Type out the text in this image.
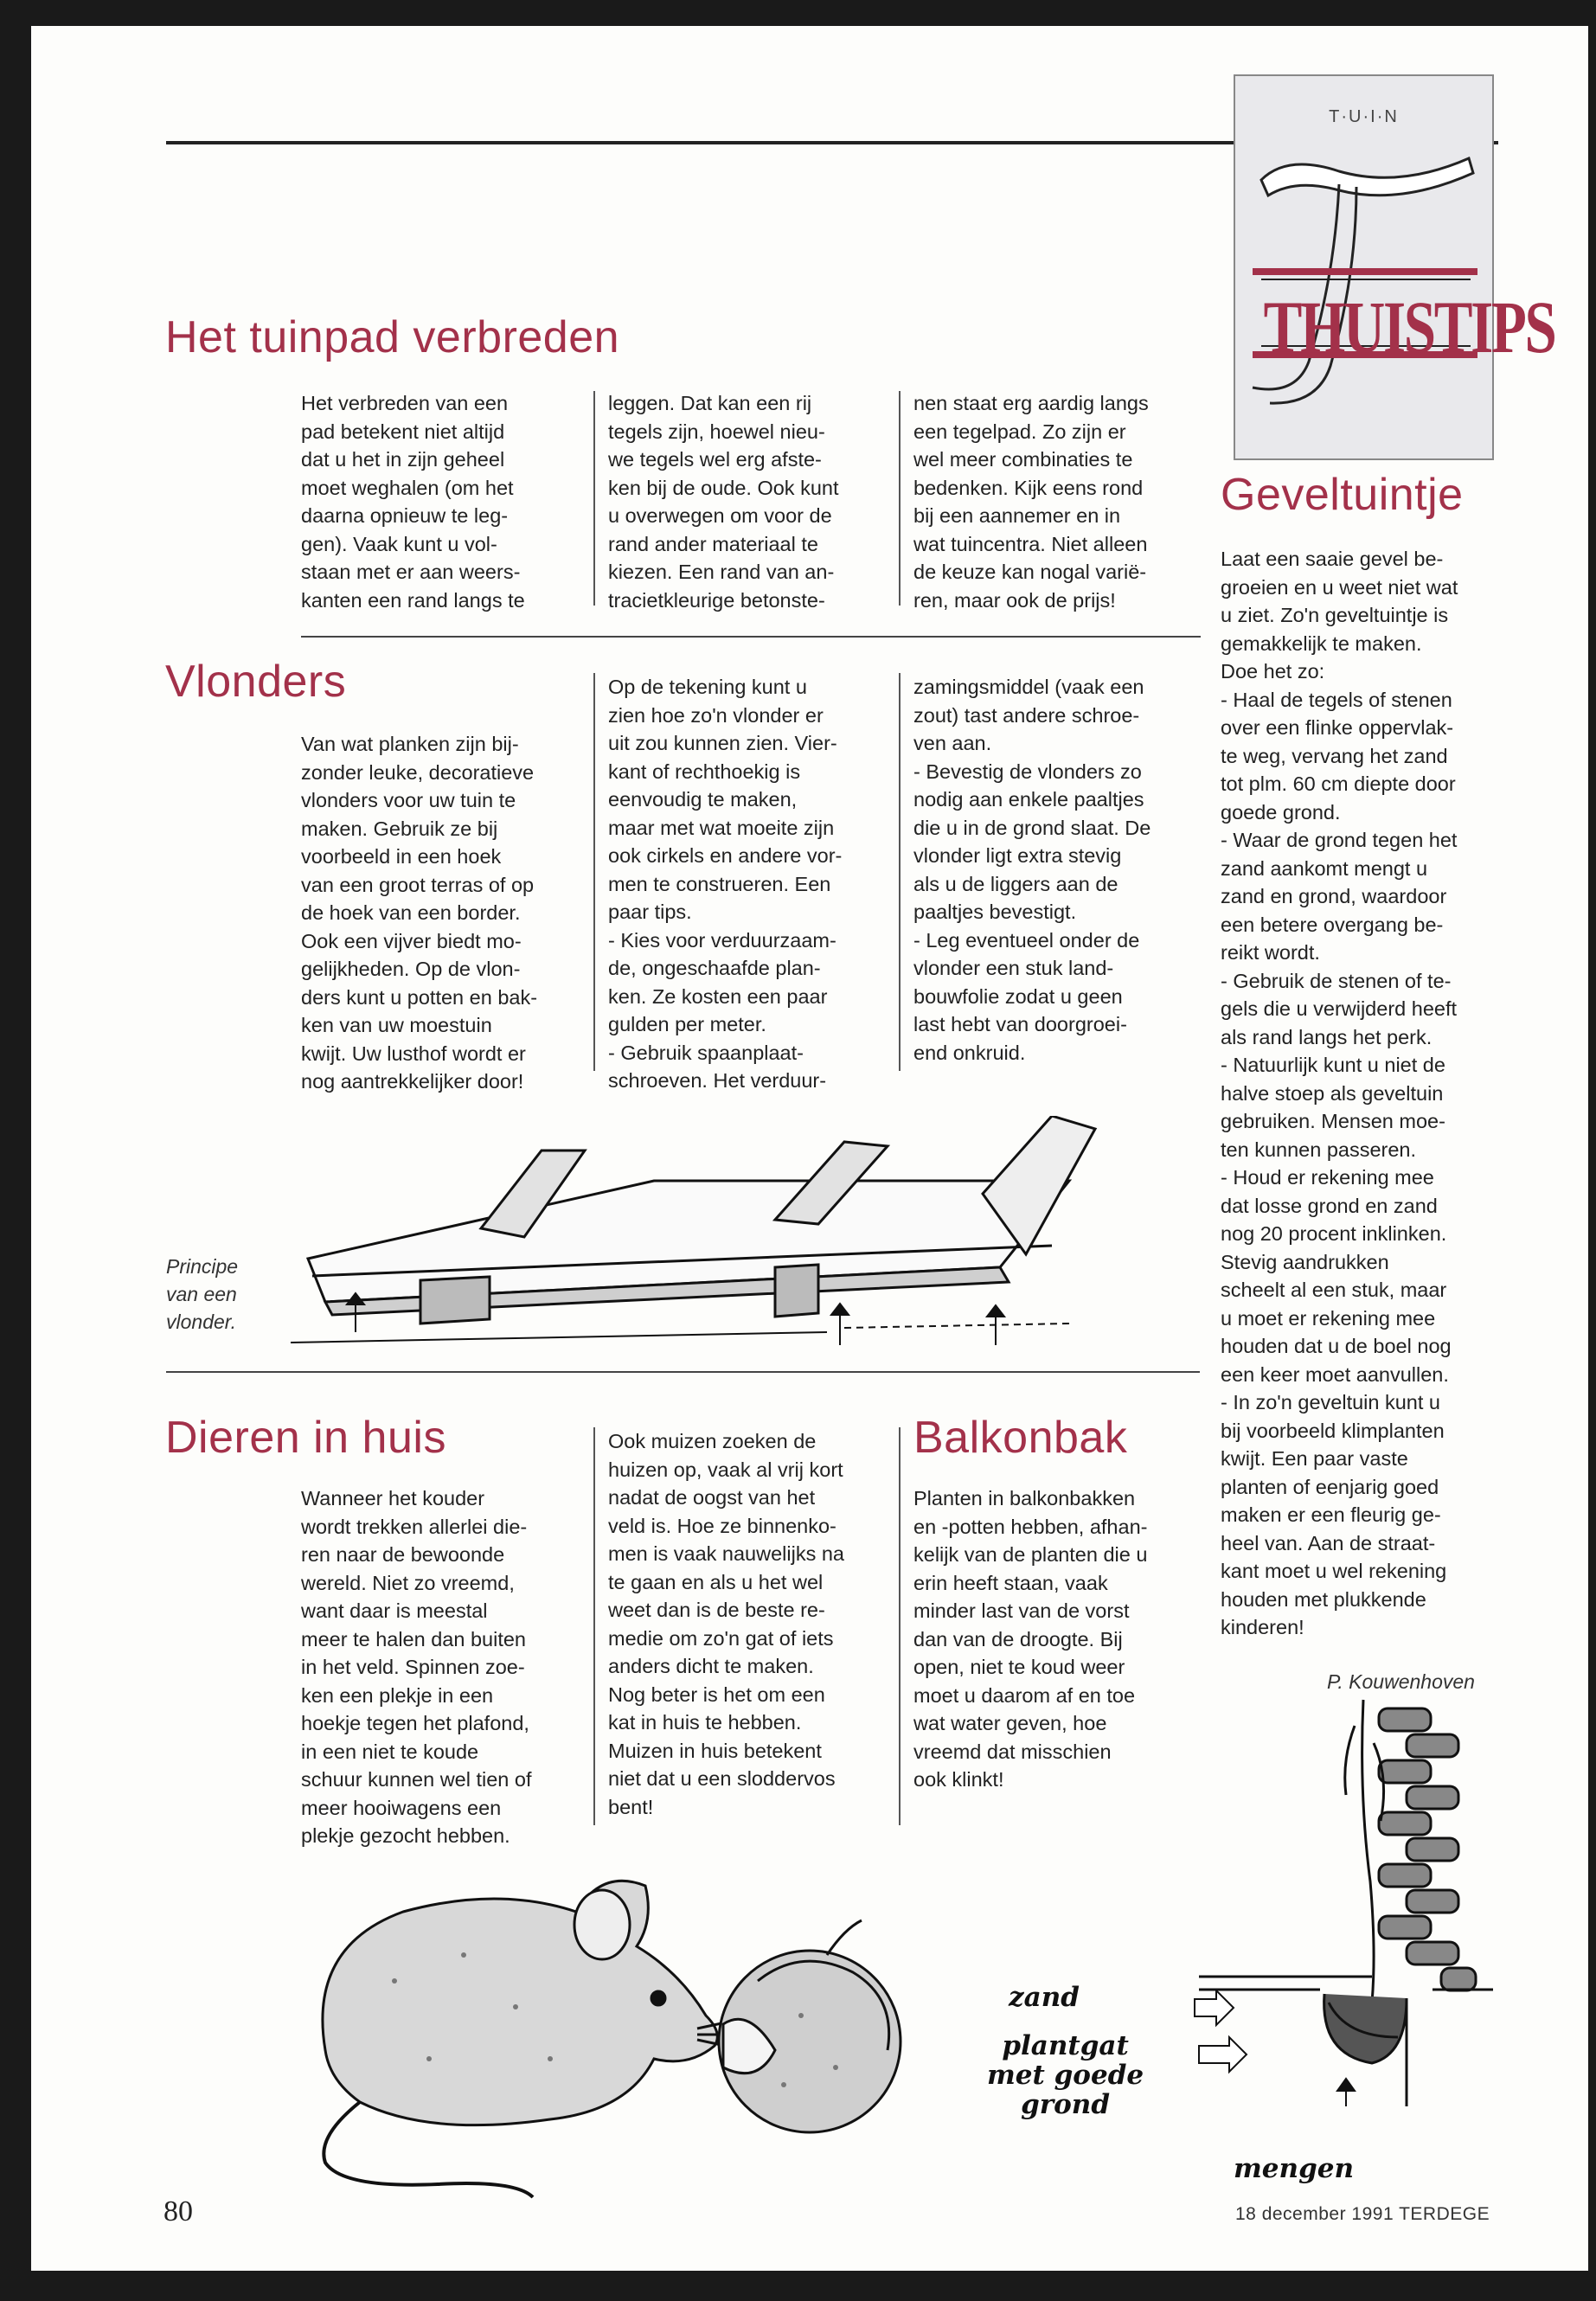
T·U·I·N
THUISTIPS
Het tuinpad verbreden
Het verbreden van een
pad betekent niet altijd
dat u het in zijn geheel
moet weghalen (om het
daarna opnieuw te leg-
gen). Vaak kunt u vol-
staan met er aan weers-
kanten een rand langs te
leggen. Dat kan een rij
tegels zijn, hoewel nieu-
we tegels wel erg afste-
ken bij de oude. Ook kunt
u overwegen om voor de
rand ander materiaal te
kiezen. Een rand van an-
tracietkleurige betonste-
nen staat erg aardig langs
een tegelpad. Zo zijn er
wel meer combinaties te
bedenken. Kijk eens rond
bij een aannemer en in
wat tuincentra. Niet alleen
de keuze kan nogal varië-
ren, maar ook de prijs!
Vlonders
Van wat planken zijn bij-
zonder leuke, decoratieve
vlonders voor uw tuin te
maken. Gebruik ze bij
voorbeeld in een hoek
van een groot terras of op
de hoek van een border.
Ook een vijver biedt mo-
gelijkheden. Op de vlon-
ders kunt u potten en bak-
ken van uw moestuin
kwijt. Uw lusthof wordt er
nog aantrekkelijker door!
Op de tekening kunt u
zien hoe zo'n vlonder er
uit zou kunnen zien. Vier-
kant of rechthoekig is
eenvoudig te maken,
maar met wat moeite zijn
ook cirkels en andere vor-
men te construeren. Een
paar tips.
- Kies voor verduurzaam-
de, ongeschaafde plan-
ken. Ze kosten een paar
gulden per meter.
- Gebruik spaanplaat-
schroeven. Het verduur-
zamingsmiddel (vaak een
zout) tast andere schroe-
ven aan.
- Bevestig de vlonders zo
nodig aan enkele paaltjes
die u in de grond slaat. De
vlonder ligt extra stevig
als u de liggers aan de
paaltjes bevestigt.
- Leg eventueel onder de
vlonder een stuk land-
bouwfolie zodat u geen
last hebt van doorgroei-
end onkruid.
Principe
van een
vlonder.
Dieren in huis
Wanneer het kouder
wordt trekken allerlei die-
ren naar de bewoonde
wereld. Niet zo vreemd,
want daar is meestal
meer te halen dan buiten
in het veld. Spinnen zoe-
ken een plekje in een
hoekje tegen het plafond,
in een niet te koude
schuur kunnen wel tien of
meer hooiwagens een
plekje gezocht hebben.
Ook muizen zoeken de
huizen op, vaak al vrij kort
nadat de oogst van het
veld is. Hoe ze binnenko-
men is vaak nauwelijks na
te gaan en als u het wel
weet dan is de beste re-
medie om zo'n gat of iets
anders dicht te maken.
Nog beter is het om een
kat in huis te hebben.
Muizen in huis betekent
niet dat u een sloddervos
bent!
Balkonbak
Planten in balkonbakken
en -potten hebben, afhan-
kelijk van de planten die u
erin heeft staan, vaak
minder last van de vorst
dan van de droogte. Bij
open, niet te koud weer
moet u daarom af en toe
wat water geven, hoe
vreemd dat misschien
ook klinkt!
Geveltuintje
Laat een saaie gevel be-
groeien en u weet niet wat
u ziet. Zo'n geveltuintje is
gemakkelijk te maken.
Doe het zo:
- Haal de tegels of stenen
over een flinke oppervlak-
te weg, vervang het zand
tot plm. 60 cm diepte door
goede grond.
- Waar de grond tegen het
zand aankomt mengt u
zand en grond, waardoor
een betere overgang be-
reikt wordt.
- Gebruik de stenen of te-
gels die u verwijderd heeft
als rand langs het perk.
- Natuurlijk kunt u niet de
halve stoep als geveltuin
gebruiken. Mensen moe-
ten kunnen passeren.
- Houd er rekening mee
dat losse grond en zand
nog 20 procent inklinken.
Stevig aandrukken
scheelt al een stuk, maar
u moet er rekening mee
houden dat u de boel nog
een keer moet aanvullen.
- In zo'n geveltuin kunt u
bij voorbeeld klimplanten
kwijt. Een paar vaste
planten of eenjarig goed
maken er een fleurig ge-
heel van. Aan de straat-
kant moet u wel rekening
houden met plukkende
kinderen!
P. Kouwenhoven
zand
plantgat
met goede
grond
mengen
80	18 december 1991 TERDEGE
